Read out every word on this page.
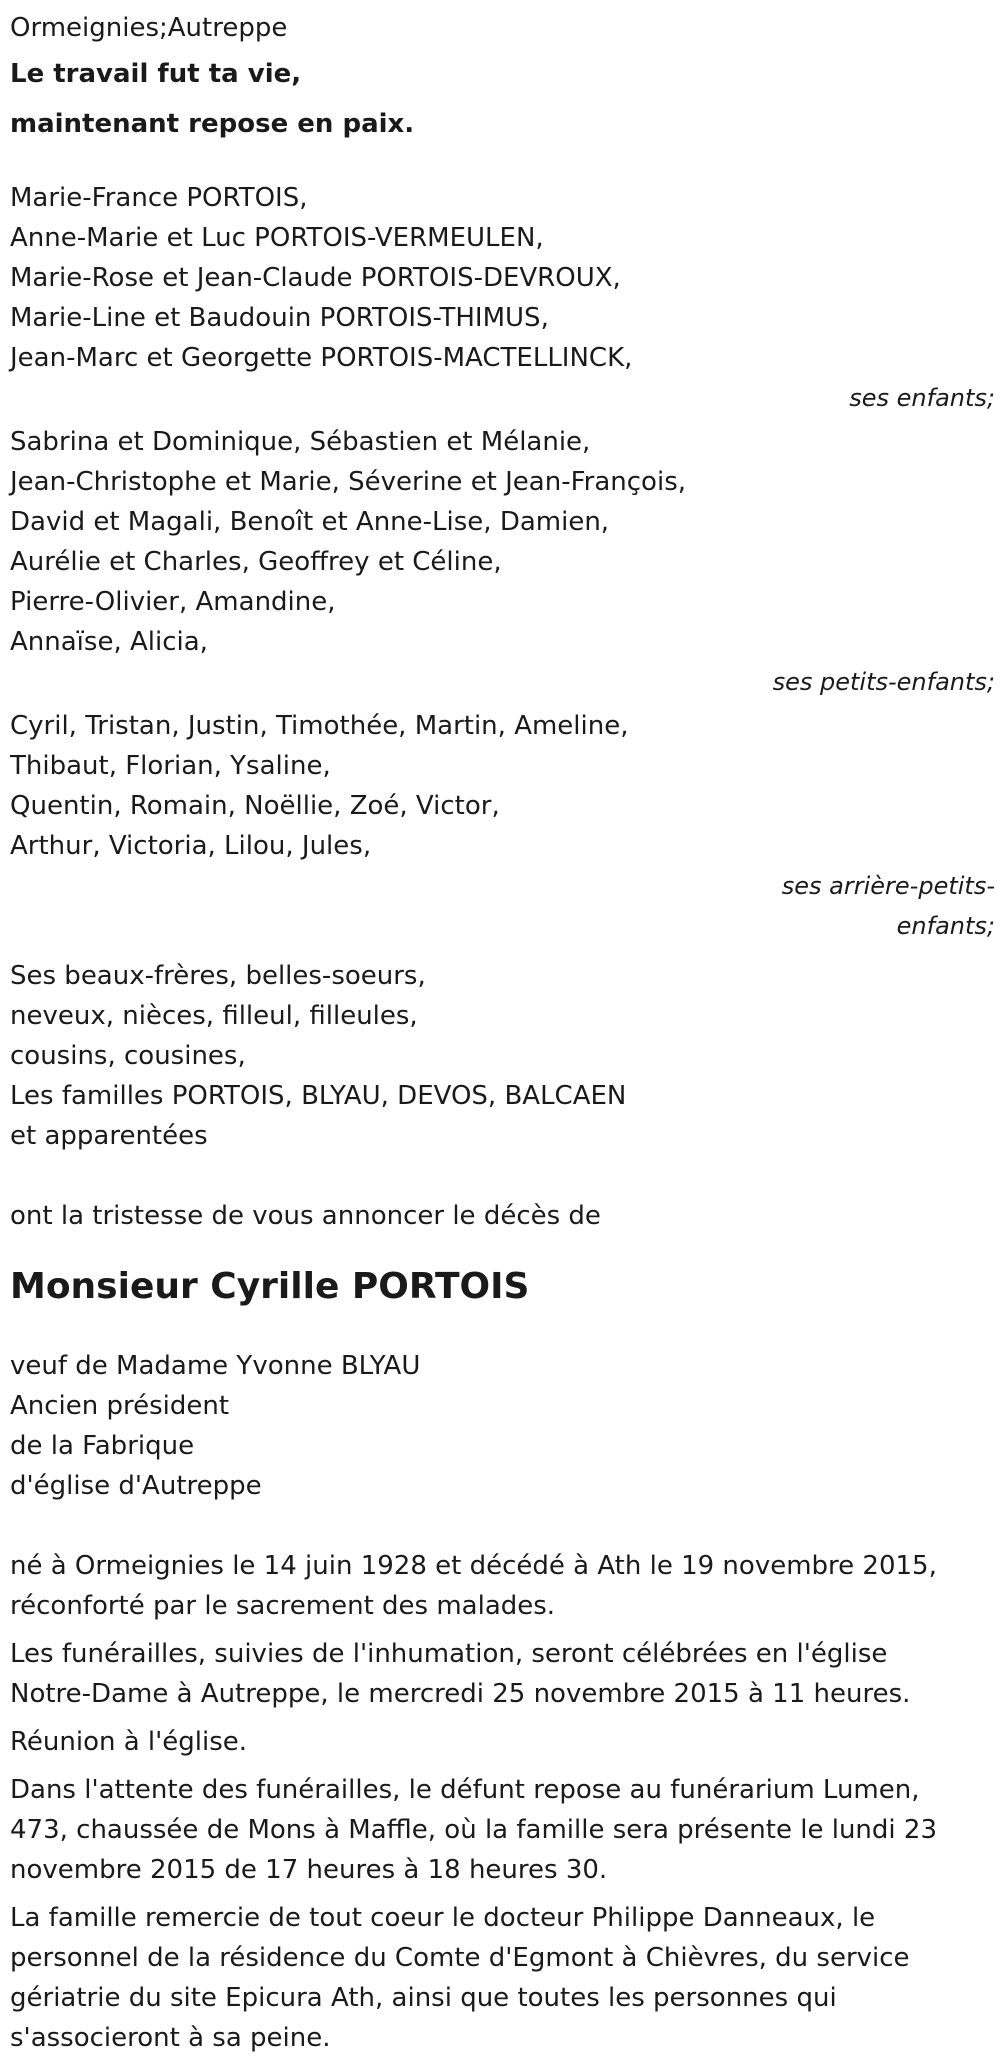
Ormeignies;Autreppe

Le travail fut ta vie,

maintenant repose en paix.

Marie-France PORTOIS,

Anne-Marie et Luc PORTOIS-VERMEULEN,

Marie-Rose et Jean-Claude PORTOIS-DEVROUX,

Marie-Line et Baudouin PORTOIS-THIMUS,

Jean-Marc et Georgette PORTOIS-MACTELLINCK,

ses enfants;

Sabrina et Dominique, Sébastien et Mélanie,

Jean-Christophe et Marie, Séverine et Jean-François,

David et Magali, Benoît et Anne-Lise, Damien,

Aurélie et Charles, Geoffrey et Céline,

Pierre-Olivier, Amandine,

Annaïse, Alicia,

ses petits-enfants;

Cyril, Tristan, Justin, Timothée, Martin, Ameline,

Thibaut, Florian, Ysaline,

Quentin, Romain, Noëllie, Zoé, Victor,

Arthur, Victoria, Lilou, Jules,

ses arrière-petits-

enfants;

Ses beaux-frères, belles-soeurs,

neveux, nièces, filleul, filleules,

cousins, cousines,

Les familles PORTOIS, BLYAU, DEVOS, BALCAEN

et apparentées

ont la tristesse de vous annoncer le décès de

Monsieur Cyrille PORTOIS

veuf de Madame Yvonne BLYAU

Ancien président

de la Fabrique

d'église d'Autreppe

né à Ormeignies le 14 juin 1928 et décédé à Ath le 19 novembre 2015,

réconforté par le sacrement des malades.

Les funérailles, suivies de l'inhumation, seront célébrées en l'église

Notre-Dame à Autreppe, le mercredi 25 novembre 2015 à 11 heures.

Réunion à l'église.

Dans l'attente des funérailles, le défunt repose au funérarium Lumen,

473, chaussée de Mons à Maffle, où la famille sera présente le lundi 23

novembre 2015 de 17 heures à 18 heures 30.

La famille remercie de tout coeur le docteur Philippe Danneaux, le

personnel de la résidence du Comte d'Egmont à Chièvres, du service

gériatrie du site Epicura Ath, ainsi que toutes les personnes qui

s'associeront à sa peine.
